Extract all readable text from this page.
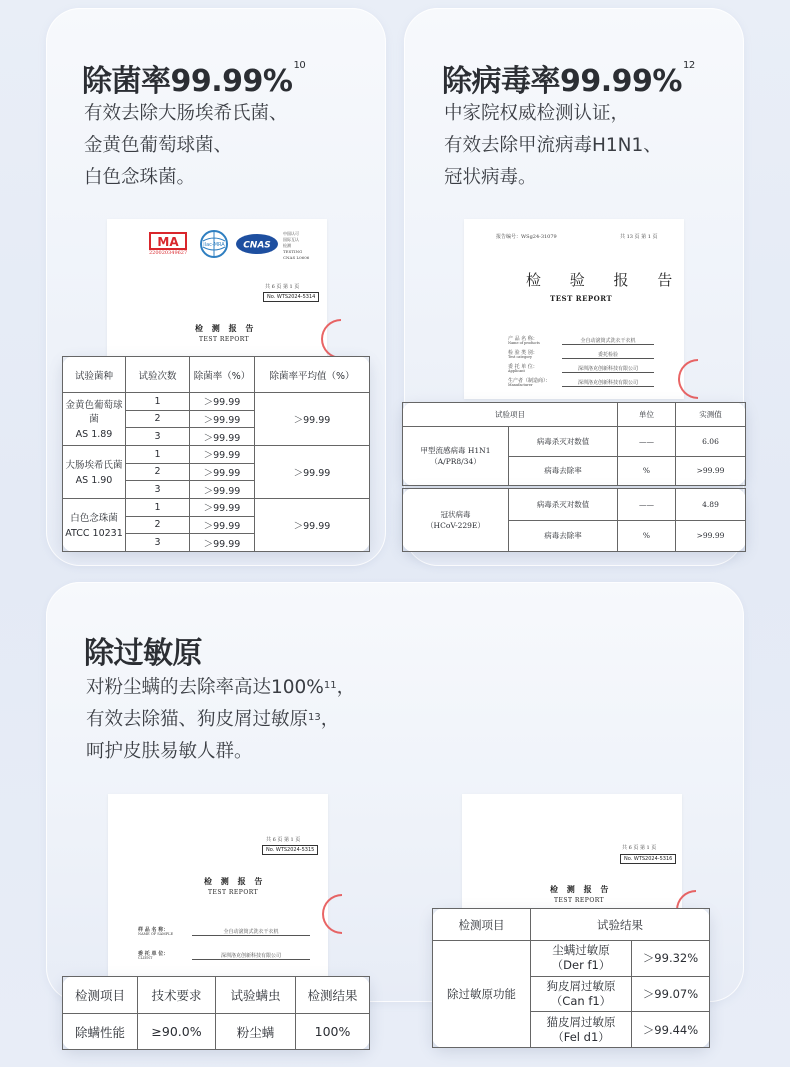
除菌率99.99%$^{10}$
有效去除大肠埃希氏菌、
金黄色葡萄球菌、
白色念珠菌。
MA
220020349627
ilac-MRA CNAS
中国认可
国际互认
检测
TESTING
CNAS L0606
共 6 页 第 1 页
No. WTS2024-5314
检 测 报 告
TEST REPORT
试验菌种	试验次数	除菌率（%）	除菌率平均值（%）

金黄色葡萄球菌
AS 1.89	1	＞99.99	＞99.99
	2	＞99.99	
	3	＞99.99	

大肠埃希氏菌
AS 1.90	1	＞99.99	＞99.99
	2	＞99.99	
	3	＞99.99	

白色念珠菌
ATCC 10231	1	＞99.99	＞99.99
	2	＞99.99	
	3	＞99.99	
除病毒率99.99%$^{12}$
中家院权威检测认证，
有效去除甲流病毒H1N1、
冠状病毒。
报告编号：WSg24-31079	共 13 页 第 1 页
检 验 报 告
TEST REPORT
产 品 名 称：
Name of products	全自动滚筒式洗衣干衣机
检 验 类 别：
Test category	委托检验
委 托 单 位：
Applicant	深圳洛克创新科技有限公司
生产者（制造商）：
Manufacturer	深圳洛克创新科技有限公司
试验项目		单位	实测值

甲型流感病毒 H1N1
（A/PR8/34）	病毒杀灭对数值	——	6.06
	病毒去除率	%	>99.99
冠状病毒
（HCoV-229E）	病毒杀灭对数值	——	4.89
	病毒去除率	%	>99.99
除过敏原
对粉尘螨的去除率高达100%$^{11}$，
有效去除猫、狗皮屑过敏原$^{13}$，
呵护皮肤易敏人群。
共 6 页 第 1 页
No. WTS2024-5315
检 测 报 告
TEST REPORT
样 品 名 称：
NAME OF SAMPLE	全自动滚筒式洗衣干衣机
委 托 单 位：
CLIENT	深圳洛克创新科技有限公司
检测项目	技术要求	试验螨虫	检测结果
除螨性能	≥90.0%	粉尘螨	100%
共 6 页 第 1 页
No. WTS2024-5316
检 测 报 告
TEST REPORT
检测项目	试验结果	
除过敏原功能	尘螨过敏原
（Der f1）	＞99.32%

	狗皮屑过敏原
（Can f1）	＞99.07%

	猫皮屑过敏原
（Fel d1）	＞99.44%
